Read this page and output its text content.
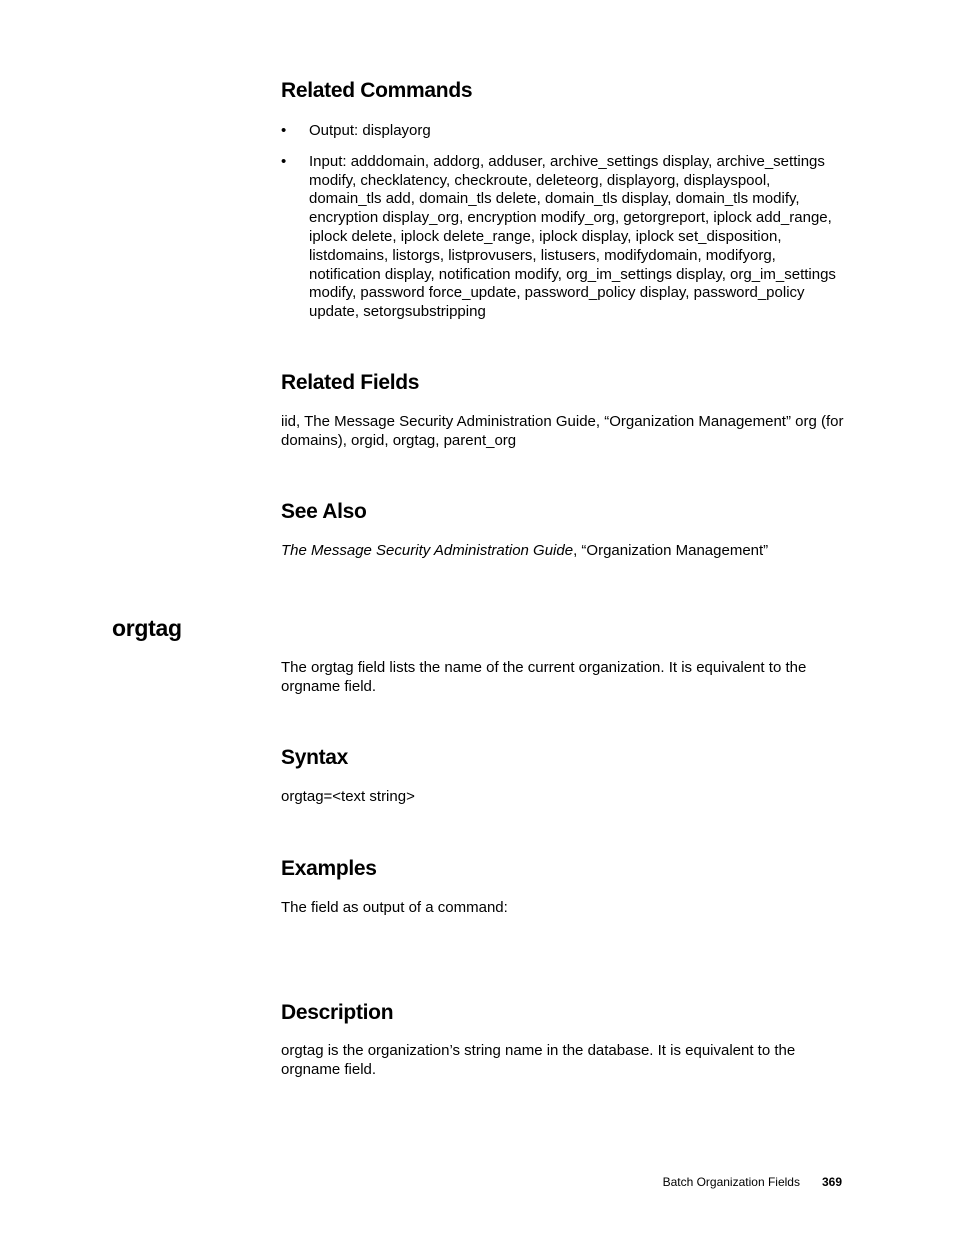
Related Commands
• Output: displayorg
• Input: adddomain, addorg, adduser, archive_settings display, archive_settings modify, checklatency, checkroute, deleteorg, displayorg, displayspool, domain_tls add, domain_tls delete, domain_tls display, domain_tls modify, encryption display_org, encryption modify_org, getorgreport, iplock add_range, iplock delete, iplock delete_range, iplock display, iplock set_disposition, listdomains, listorgs, listprovusers, listusers, modifydomain, modifyorg, notification display, notification modify, org_im_settings display, org_im_settings modify, password force_update, password_policy display, password_policy update, setorgsubstripping
Related Fields

iid, The Message Security Administration Guide, “Organization Management” org (for domains), orgid, orgtag, parent_org

See Also

The Message Security Administration Guide, “Organization Management”

orgtag

The orgtag field lists the name of the current organization. It is equivalent to the orgname field.

Syntax

orgtag=<text string>

Examples

The field as output of a command:

Description

orgtag is the organization’s string name in the database. It is equivalent to the orgname field.

Batch Organization Fields 369
